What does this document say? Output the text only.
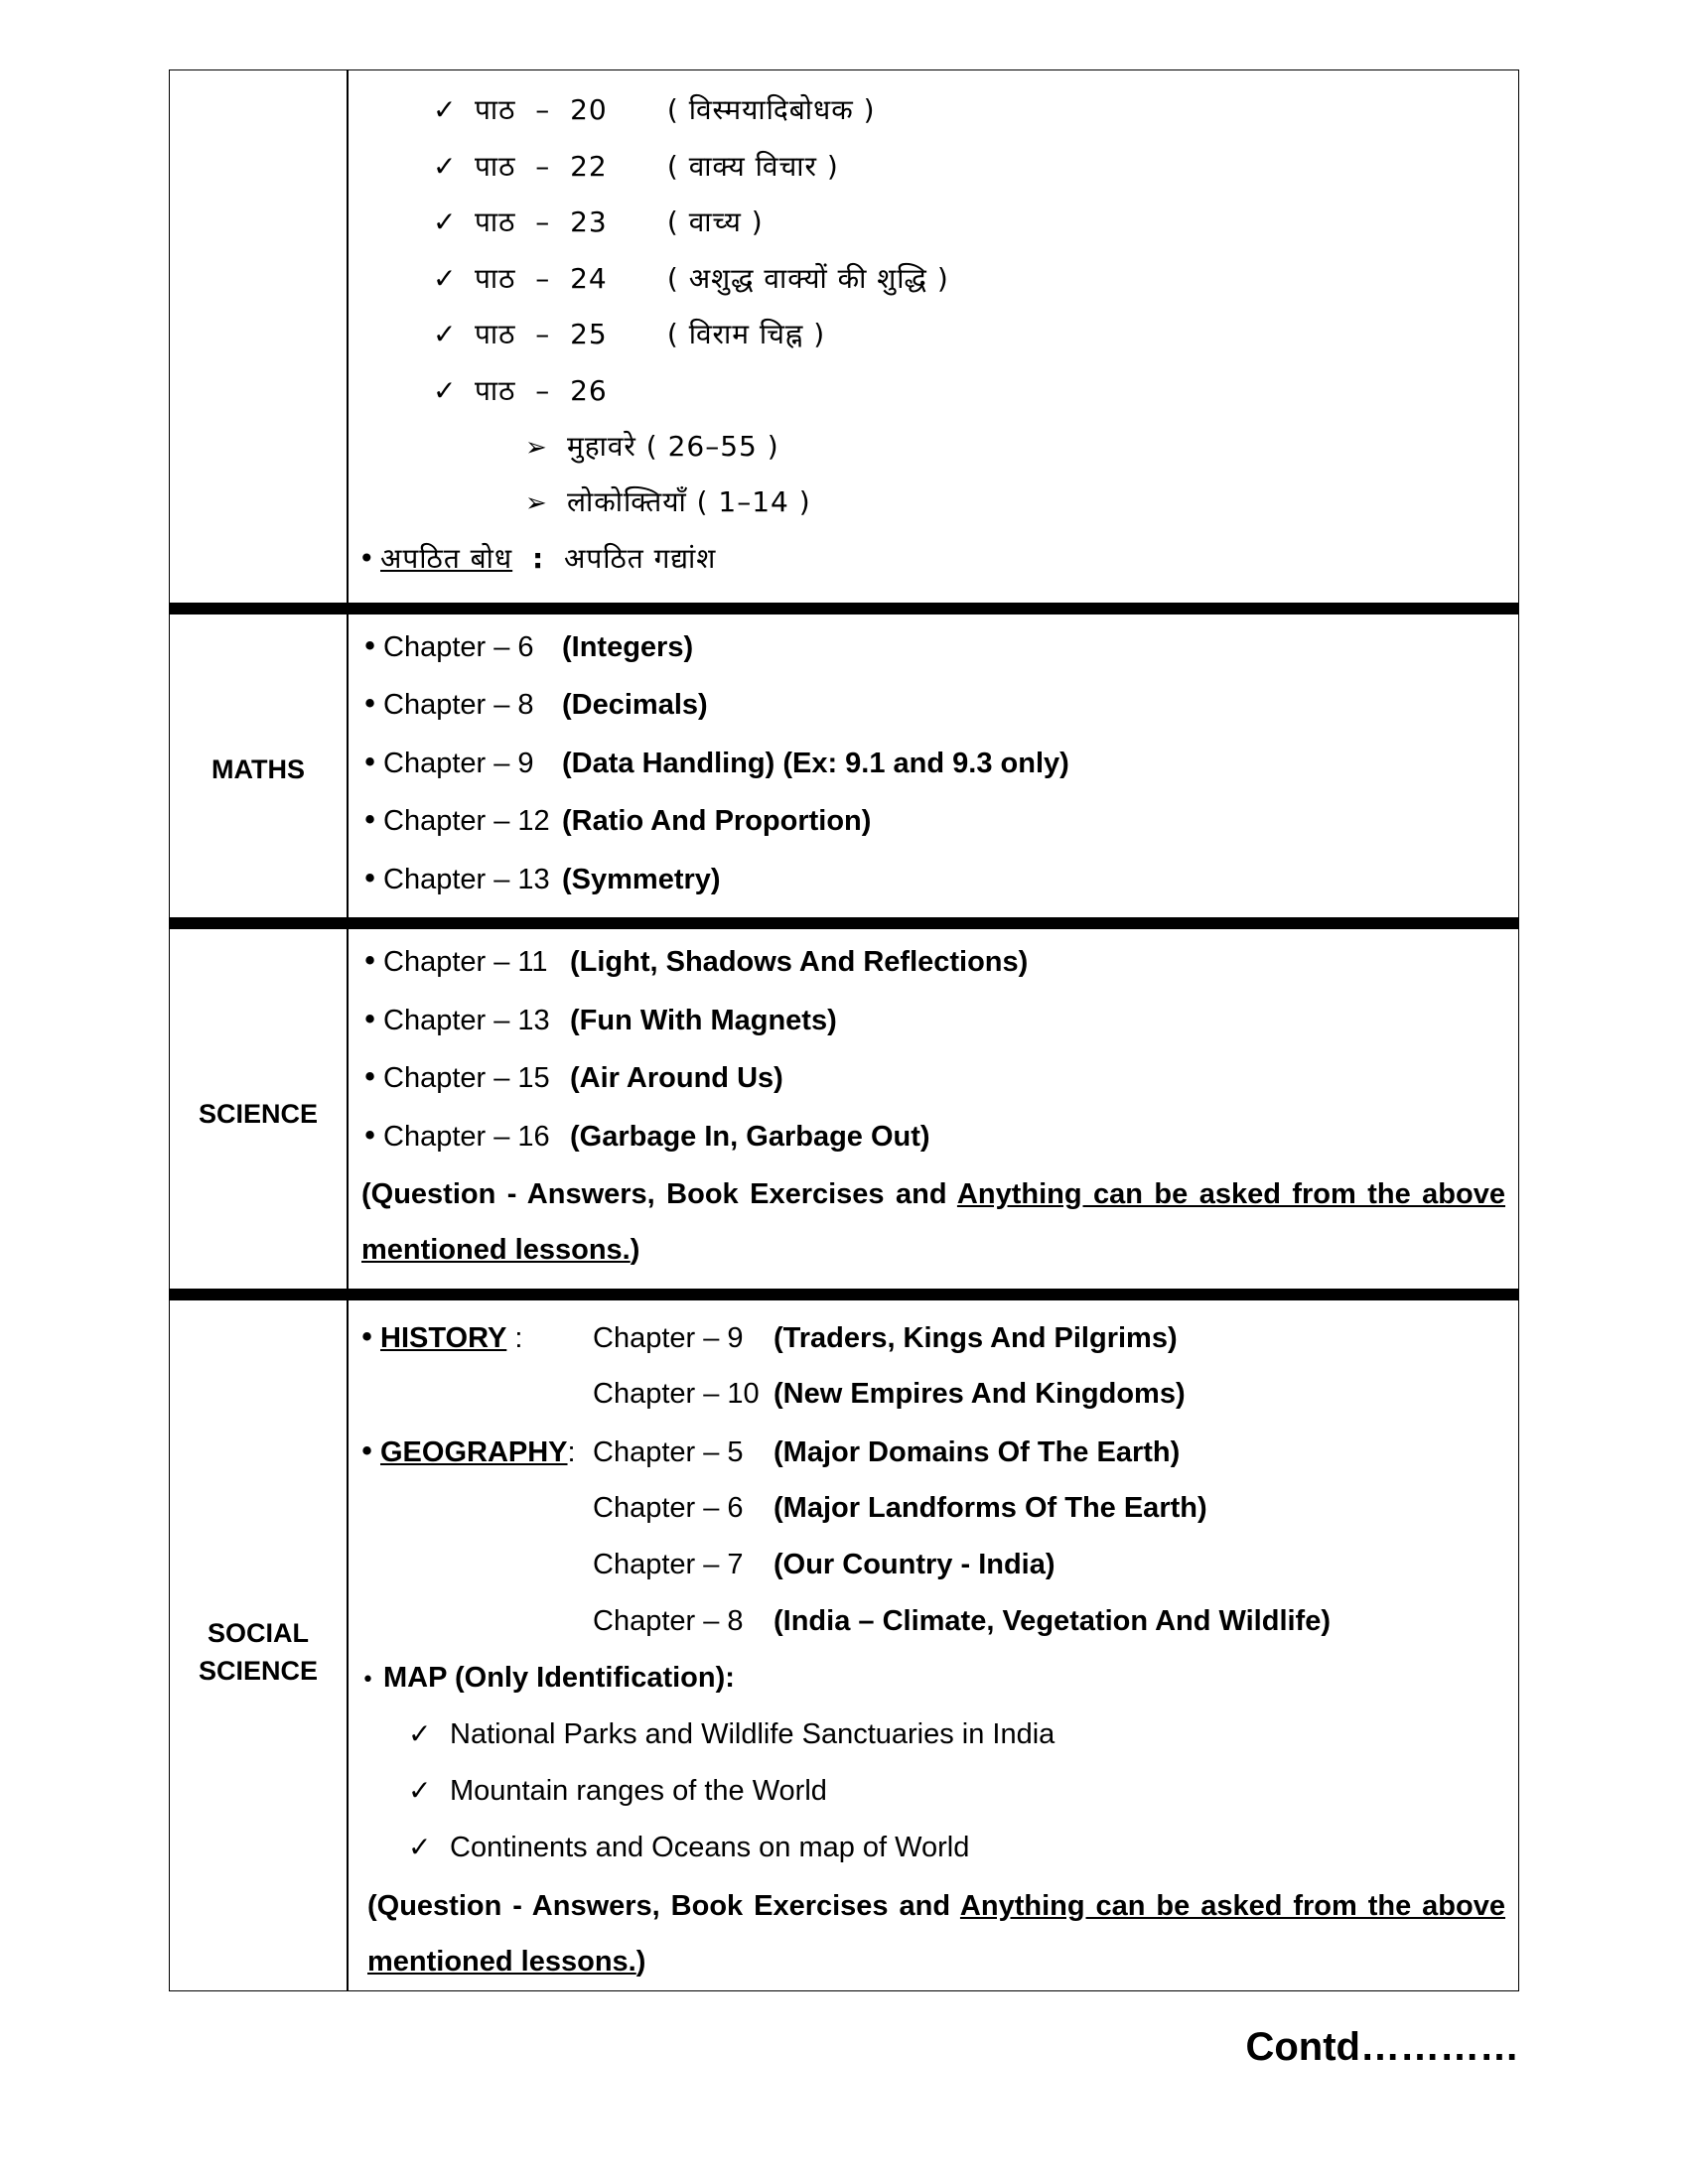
✓ पाठ – 20 ( विस्मयादिबोधक )
✓ पाठ – 22 ( वाक्य विचार )
✓ पाठ – 23 ( वाच्य )
✓ पाठ – 24 ( अशुद्ध वाक्यों की शुद्धि )
✓ पाठ – 25 ( विराम चिह्न )
✓ पाठ – 26
➢ मुहावरे ( 26–55 )
➢ लोकोक्तियाँ ( 1–14 )
• अपठित बोध : अपठित गद्यांश
MATHS
• Chapter – 6 (Integers)
• Chapter – 8 (Decimals)
• Chapter – 9 (Data Handling) (Ex: 9.1 and 9.3 only)
• Chapter – 12 (Ratio And Proportion)
• Chapter – 13 (Symmetry)
SCIENCE
• Chapter – 11 (Light, Shadows And Reflections)
• Chapter – 13 (Fun With Magnets)
• Chapter – 15 (Air Around Us)
• Chapter – 16 (Garbage In, Garbage Out)
(Question - Answers, Book Exercises and Anything can be asked from the above mentioned lessons.)
SOCIAL
SCIENCE
• HISTORY : Chapter – 9 (Traders, Kings And Pilgrims)
Chapter – 10 (New Empires And Kingdoms)
• GEOGRAPHY: Chapter – 5 (Major Domains Of The Earth)
Chapter – 6 (Major Landforms Of The Earth)
Chapter – 7 (Our Country - India)
Chapter – 8 (India – Climate, Vegetation And Wildlife)
• MAP (Only Identification):
✓ National Parks and Wildlife Sanctuaries in India
✓ Mountain ranges of the World
✓ Continents and Oceans on map of World
(Question - Answers, Book Exercises and Anything can be asked from the above mentioned lessons.)
Contd…………
